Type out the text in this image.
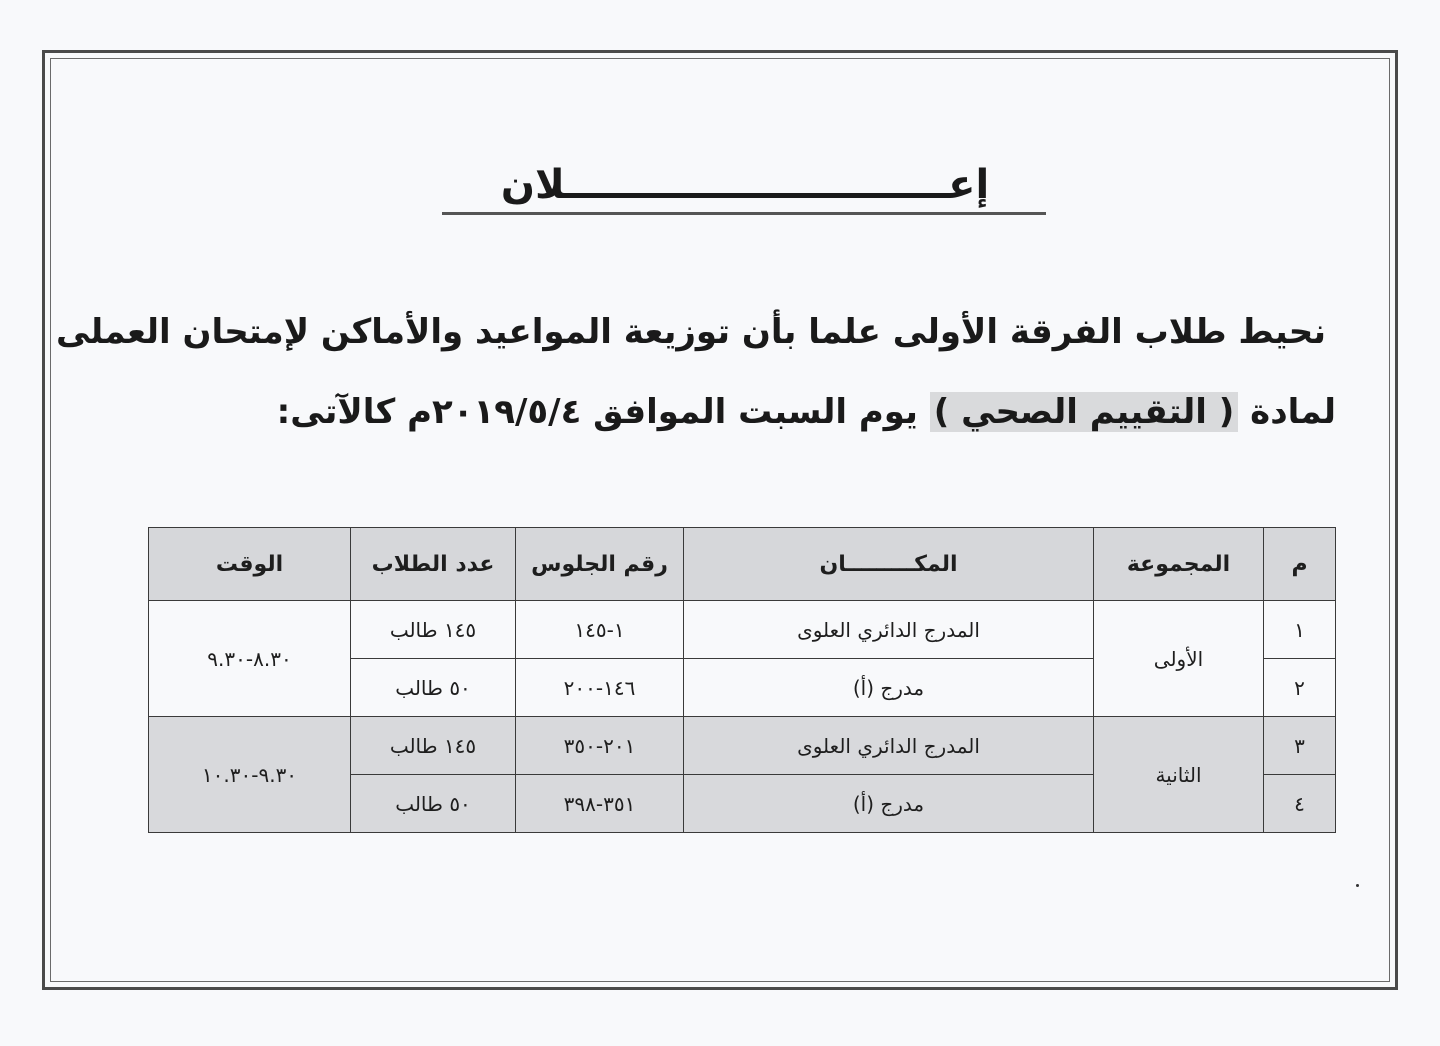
إعــــــــــــــــــــــــــــلان
نحيط طلاب الفرقة الأولى علما بأن توزيعة المواعيد والأماكن لإمتحان العملى
لمادة ( التقييم الصحي ) يوم السبت الموافق ٢٠١٩/٥/٤م كالآتى:
م	المجموعة	المكـــــــــان	رقم الجلوس	عدد الطلاب	الوقت
١	الأولى	المدرج الدائري العلوى	١-١٤٥	١٤٥ طالب	٨.٣٠-٩.٣٠
٢		مدرج (أ)	١٤٦-٢٠٠	٥٠ طالب	
٣	الثانية	المدرج الدائري العلوى	٢٠١-٣٥٠	١٤٥ طالب	٩.٣٠-١٠.٣٠
٤		مدرج (أ)	٣٥١-٣٩٨	٥٠ طالب	
